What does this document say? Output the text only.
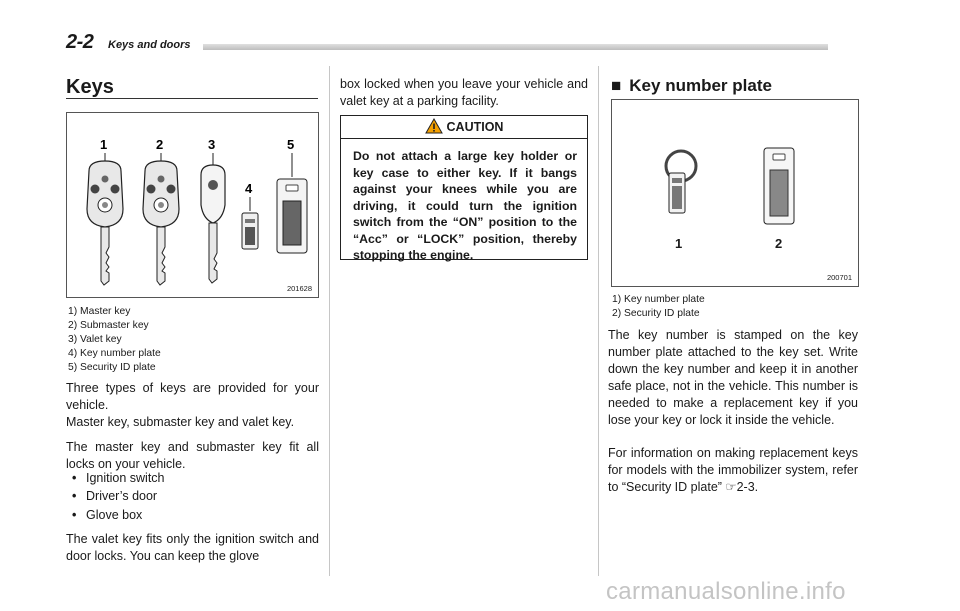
2-2 Keys and doors
Keys
1	2	3
4
5
201628
1) Master key
2) Submaster key
3) Valet key
4) Key number plate
5) Security ID plate
Three types of keys are provided for your vehicle.
Master key, submaster key and valet key.
The master key and submaster key fit all locks on your vehicle.
• Ignition switch
• Driver’s door
• Glove box
The valet key fits only the ignition switch and door locks. You can keep the glove
box locked when you leave your vehicle and valet key at a parking facility.
CAUTION
Do not attach a large key holder or key case to either key. If it bangs against your knees while you are driving, it could turn the ignition switch from the “ON” position to the “Acc” or “LOCK” position, thereby stopping the engine.
■ Key number plate
1	2
200701
1) Key number plate
2) Security ID plate
The key number is stamped on the key number plate attached to the key set. Write down the key number and keep it in another safe place, not in the vehicle. This number is needed to make a replacement key if you lose your key or lock it inside the vehicle.
For information on making replacement keys for models with the immobilizer system, refer to “Security ID plate” ☞2-3.
carmanualsonline.info
